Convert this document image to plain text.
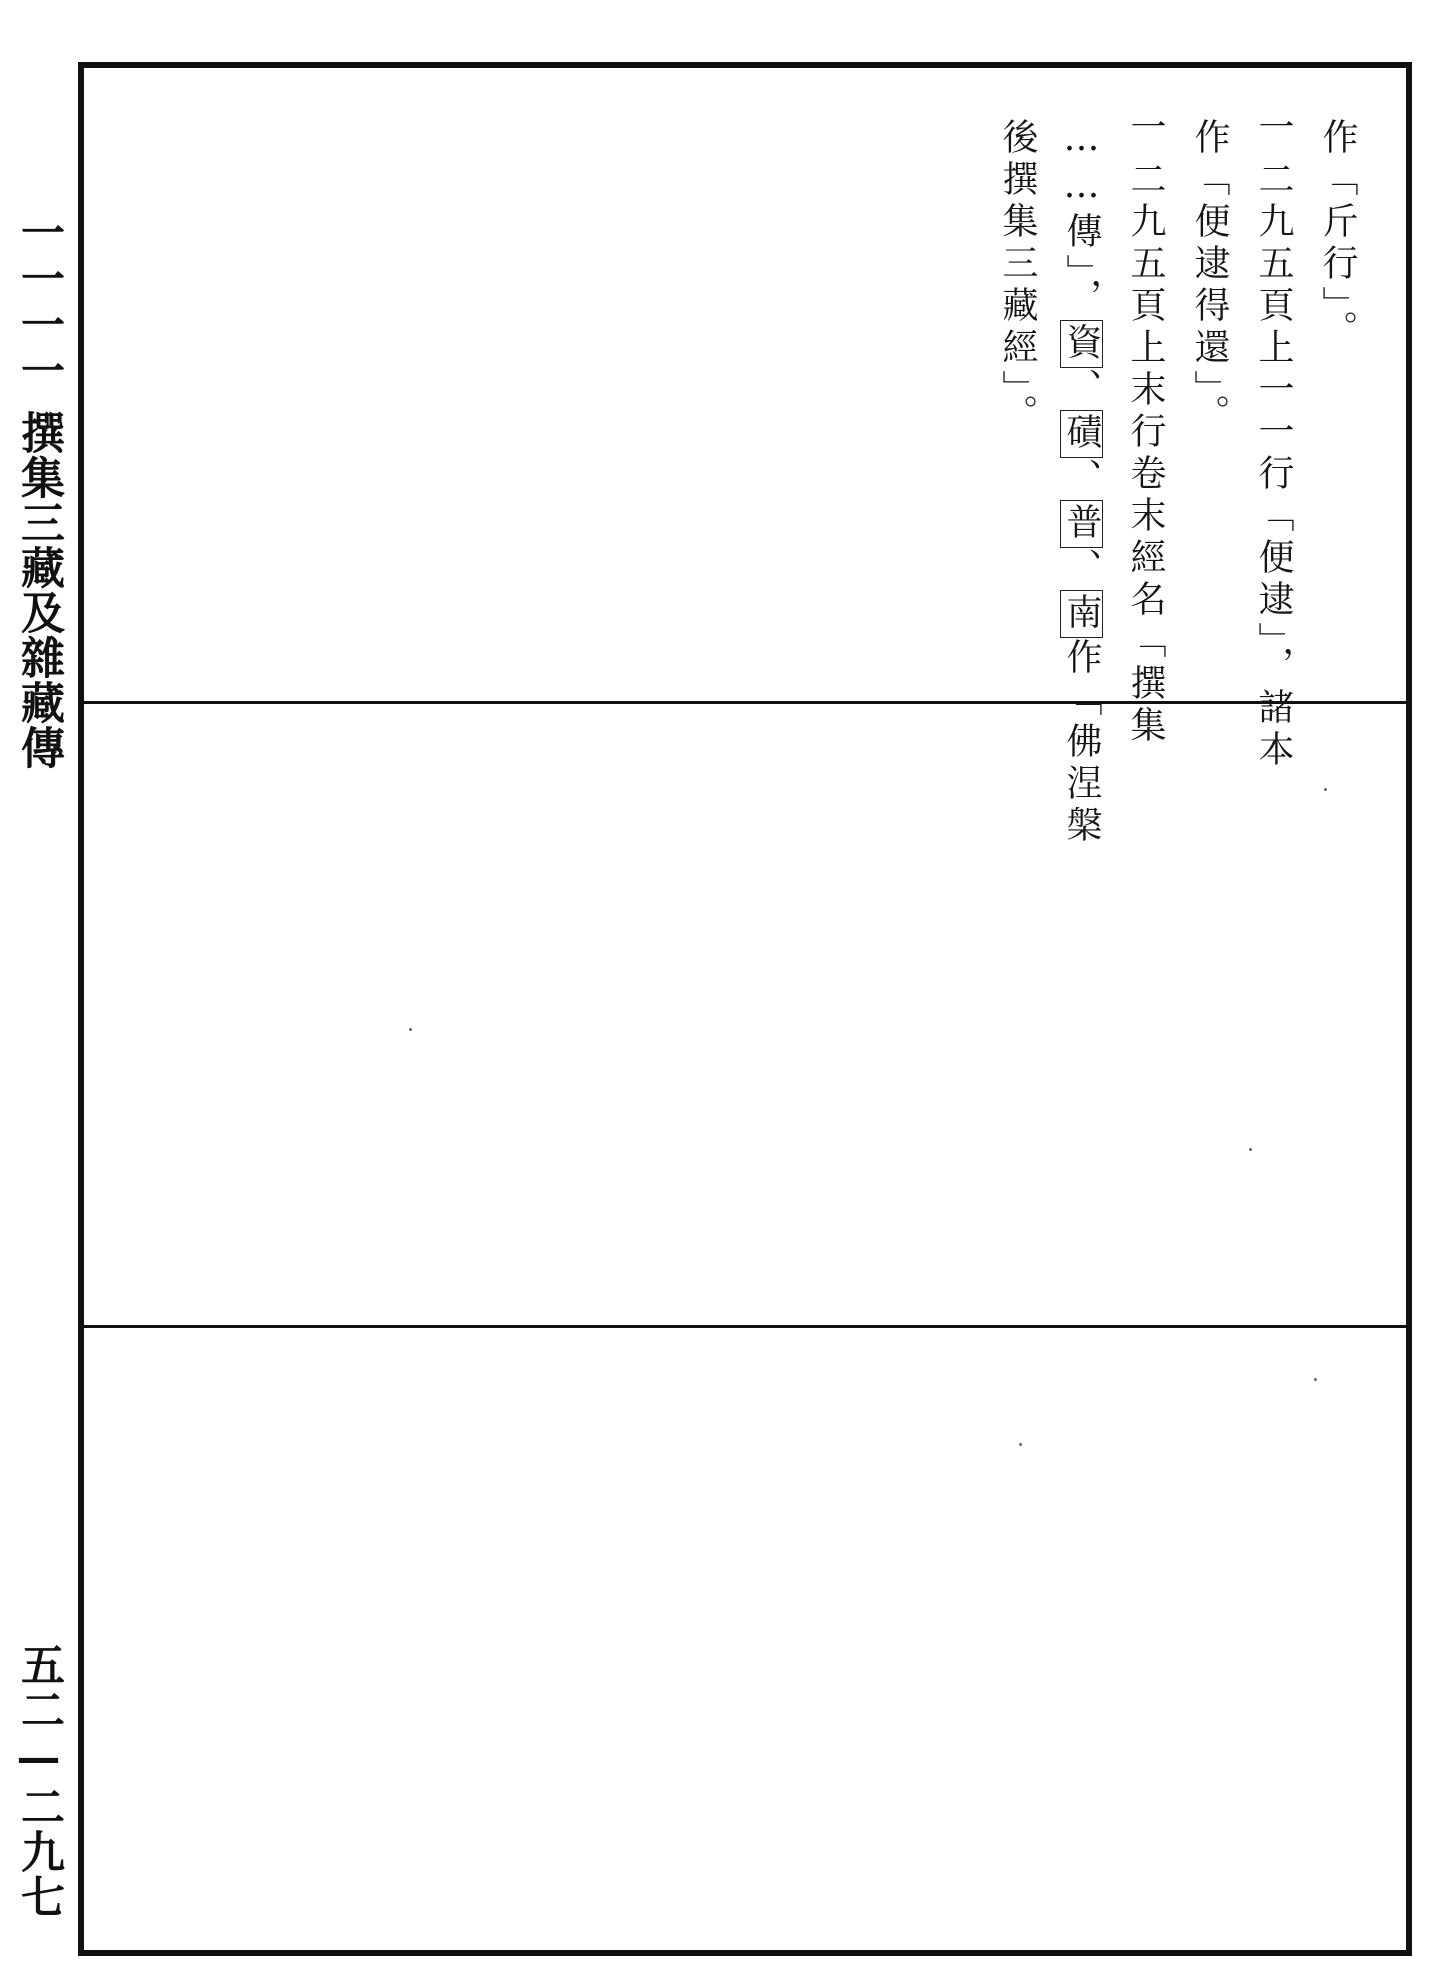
一一一一
撰集三藏及雜藏傳
五二—二九七
作「斤行」。
一二九五頁上一一行「便逮」，諸本
作「便逮得還」。
一二九五頁上末行卷末經名「撰集
……傳」，資、磧、普、南作「佛涅槃
後撰集三藏經」。
